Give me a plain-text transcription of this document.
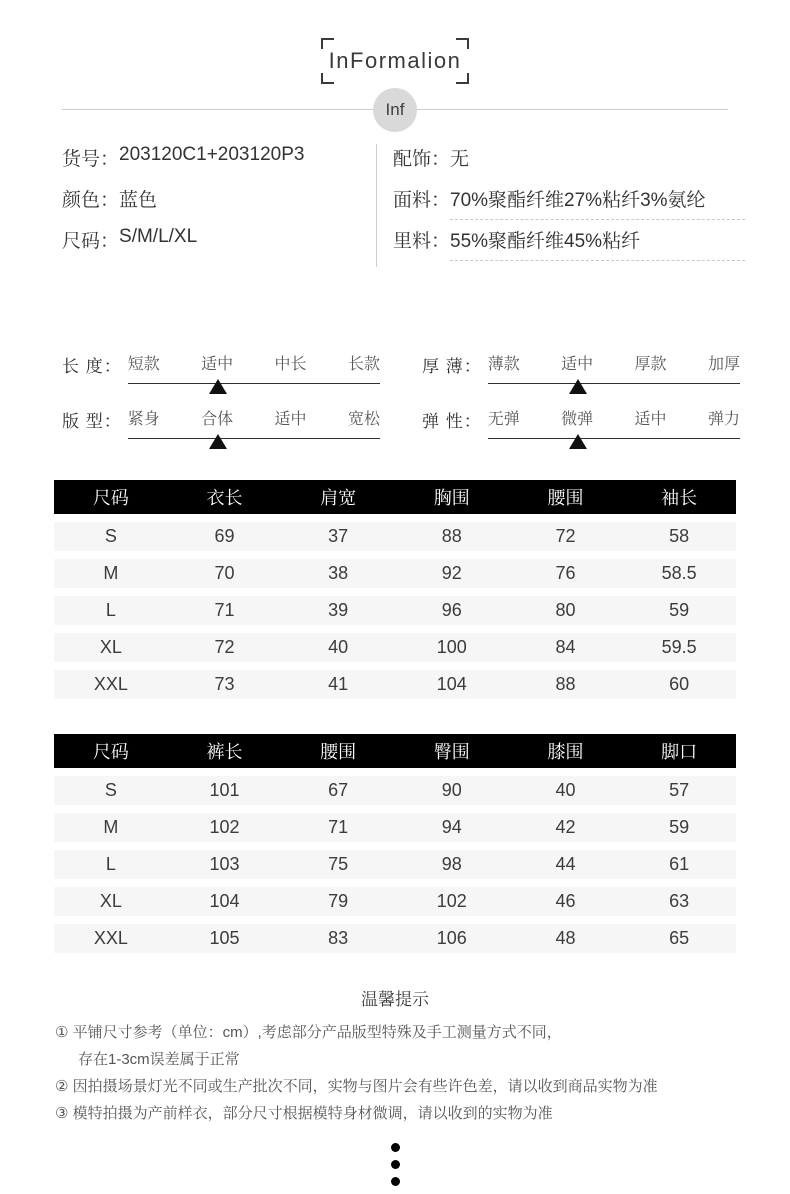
InFormalion
Inf
货号： 203120C1+203120P3
颜色： 蓝色
尺码： S/M/L/XL
配饰： 无
面料： 70%聚酯纤维27%粘纤3%氨纶
里料： 55%聚酯纤维45%粘纤
长 度： 短款	适中	中长	长款 厚 薄： 薄款	适中	厚款	加厚
版 型： 紧身	合体	适中	宽松 弹 性： 无弹	微弹	适中	弹力
尺码	衣长	肩宽	胸围	腰围	袖长
S	69	37	88	72	58
M	70	38	92	76	58.5
L	71	39	96	80	59
XL	72	40	100	84	59.5
XXL	73	41	104	88	60
尺码	裤长	腰围	臀围	膝围	脚口
S	101	67	90	40	57
M	102	71	94	42	59
L	103	75	98	44	61
XL	104	79	102	46	63
XXL	105	83	106	48	65
温馨提示
① 平铺尺寸参考（单位：cm）,考虑部分产品版型特殊及手工测量方式不同，
存在1-3cm误差属于正常
② 因拍摄场景灯光不同或生产批次不同，实物与图片会有些许色差，请以收到商品实物为准
③ 模特拍摄为产前样衣，部分尺寸根据模特身材微调，请以收到的实物为准
